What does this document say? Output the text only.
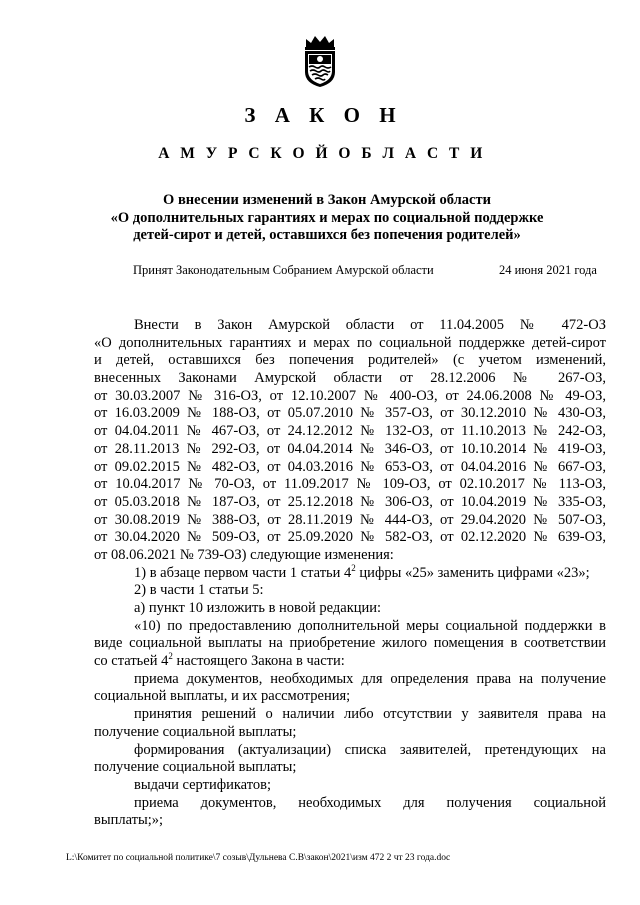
З А К О Н
А М У Р С К О Й О Б Л А С Т И
О внесении изменений в Закон Амурской области
«О дополнительных гарантиях и мерах по социальной поддержке
детей-сирот и детей, оставшихся без попечения родителей»
Принят Законодательным Собранием Амурской области	24 июня 2021 года
Внести в Закон Амурской области от 11.04.2005 № 472-ОЗ
«О дополнительных гарантиях и мерах по социальной поддержке детей-сирот
и детей, оставшихся без попечения родителей» (с учетом изменений,
внесенных Законами Амурской области от 28.12.2006 № 267-ОЗ,
от 30.03.2007 № 316-ОЗ, от 12.10.2007 № 400-ОЗ, от 24.06.2008 № 49-ОЗ,
от 16.03.2009 № 188-ОЗ, от 05.07.2010 № 357-ОЗ, от 30.12.2010 № 430-ОЗ,
от 04.04.2011 № 467-ОЗ, от 24.12.2012 № 132-ОЗ, от 11.10.2013 № 242-ОЗ,
от 28.11.2013 № 292-ОЗ, от 04.04.2014 № 346-ОЗ, от 10.10.2014 № 419-ОЗ,
от 09.02.2015 № 482-ОЗ, от 04.03.2016 № 653-ОЗ, от 04.04.2016 № 667-ОЗ,
от 10.04.2017 № 70-ОЗ, от 11.09.2017 № 109-ОЗ, от 02.10.2017 № 113-ОЗ,
от 05.03.2018 № 187-ОЗ, от 25.12.2018 № 306-ОЗ, от 10.04.2019 № 335-ОЗ,
от 30.08.2019 № 388-ОЗ, от 28.11.2019 № 444-ОЗ, от 29.04.2020 № 507-ОЗ,
от 30.04.2020 № 509-ОЗ, от 25.09.2020 № 582-ОЗ, от 02.12.2020 № 639-ОЗ,
от 08.06.2021 № 739-ОЗ) следующие изменения:
1) в абзаце первом части 1 статьи $4^2$ цифры «25» заменить цифрами «23»;
2) в части 1 статьи 5:
а) пункт 10 изложить в новой редакции:
«10) по предоставлению дополнительной меры социальной поддержки в
виде социальной выплаты на приобретение жилого помещения в соответствии
со статьей $4^2$ настоящего Закона в части:
приема документов, необходимых для определения права на получение
социальной выплаты, и их рассмотрения;
принятия решений о наличии либо отсутствии у заявителя права на
получение социальной выплаты;
формирования (актуализации) списка заявителей, претендующих на
получение социальной выплаты;
выдачи сертификатов;
приема документов, необходимых для получения социальной
выплаты;»;
L:\Комитет по социальной политике\7 созыв\Дульнева С.В\закон\2021\изм 472 2 чт 23 года.doc
